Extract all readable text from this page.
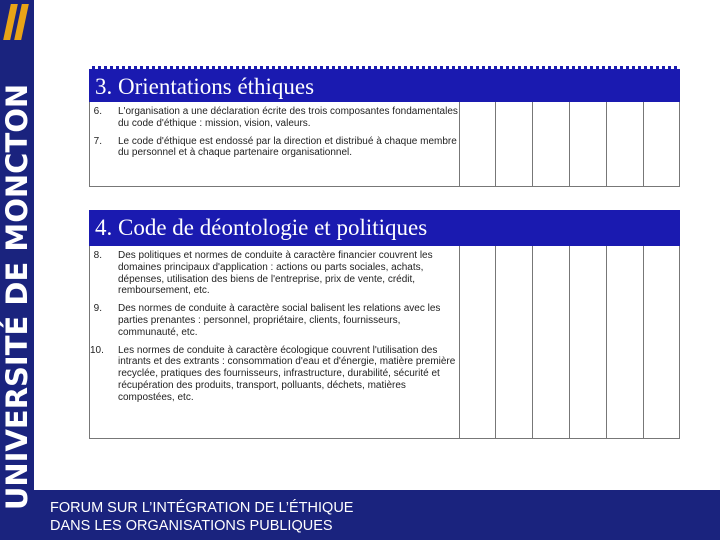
UNIVERSITÉ DE MONCTON	3. Orientations éthiques
6.	L'organisation a une déclaration écrite des trois composantes fondamentales du code d'éthique : mission, vision, valeurs.
7.	Le code d'éthique est endossé par la direction et distribué à chaque membre du personnel et à chaque partenaire organisationnel.
4. Code de déontologie et politiques
8.	Des politiques et normes de conduite à caractère financier couvrent les domaines principaux d'application : actions ou parts sociales, achats, dépenses, utilisation des biens de l'entreprise, prix de vente, crédit, remboursement, etc.
9.	Des normes de conduite à caractère social balisent les relations avec les parties prenantes : personnel, propriétaire, clients, fournisseurs, communauté, etc.
10.	Les normes de conduite à caractère écologique couvrent l'utilisation des intrants et des extrants : consommation d'eau et d'énergie, matière première recyclée, pratiques des fournisseurs, infrastructure, durabilité, sécurité et récupération des produits, transport, polluants, déchets, matières compostées, etc.
FORUM SUR L’INTÉGRATION DE L’ÉTHIQUE
DANS LES ORGANISATIONS PUBLIQUES
